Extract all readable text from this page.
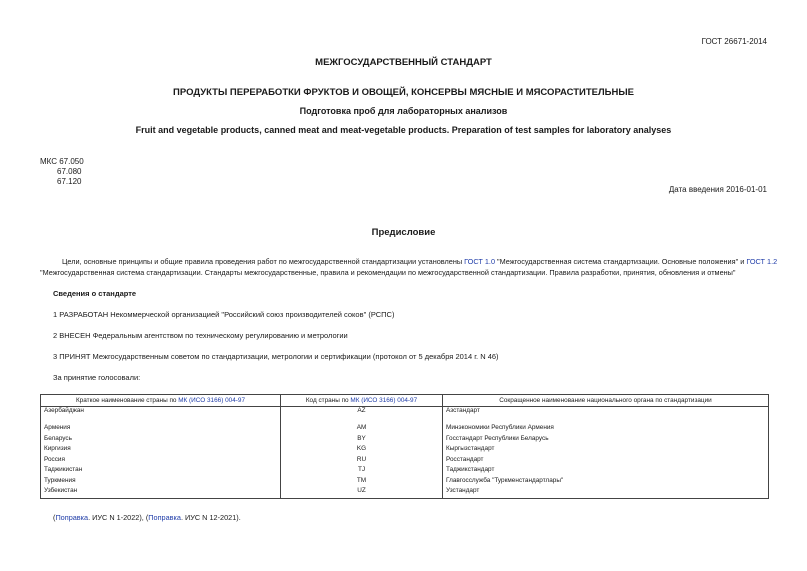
ГОСТ 26671-2014
МЕЖГОСУДАРСТВЕННЫЙ СТАНДАРТ
ПРОДУКТЫ ПЕРЕРАБОТКИ ФРУКТОВ И ОВОЩЕЙ, КОНСЕРВЫ МЯСНЫЕ И МЯСОРАСТИТЕЛЬНЫЕ
Подготовка проб для лабораторных анализов
Fruit and vegetable products, canned meat and meat-vegetable products. Preparation of test samples for laboratory analyses
МКС 67.050
67.080
67.120
Дата введения 2016-01-01
Предисловие
Цели, основные принципы и общие правила проведения работ по межгосударственной стандартизации установлены ГОСТ 1.0 "Межгосударственная система стандартизации. Основные положения" и ГОСТ 1.2
"Межгосударственная система стандартизации. Стандарты межгосударственные, правила и рекомендации по межгосударственной стандартизации. Правила разработки, принятия, обновления и отмены"
Сведения о стандарте
1 РАЗРАБОТАН Некоммерческой организацией "Российский союз производителей соков" (РСПС)
2 ВНЕСЕН Федеральным агентством по техническому регулированию и метрологии
3 ПРИНЯТ Межгосударственным советом по стандартизации, метрологии и сертификации (протокол от 5 декабря 2014 г. N 46)
За принятие голосовали:
Краткое наименование страны по МК (ИСО 3166) 004-97	Код страны по МК (ИСО 3166) 004-97	Сокращенное наименование национального органа по стандартизации
Азербайджан	AZ	Азстандарт
Армения	AM	Минэкономики Республики Армения
Беларусь	BY	Госстандарт Республики Беларусь
Киргизия	KG	Кыргызстандарт
Россия	RU	Росстандарт
Таджикистан	TJ	Таджикстандарт
Туркмения	TM	Главгосслужба "Туркменстандартлары"
Узбекистан	UZ	Узстандарт
(Поправка. ИУС N 1-2022), (Поправка. ИУС N 12-2021).
